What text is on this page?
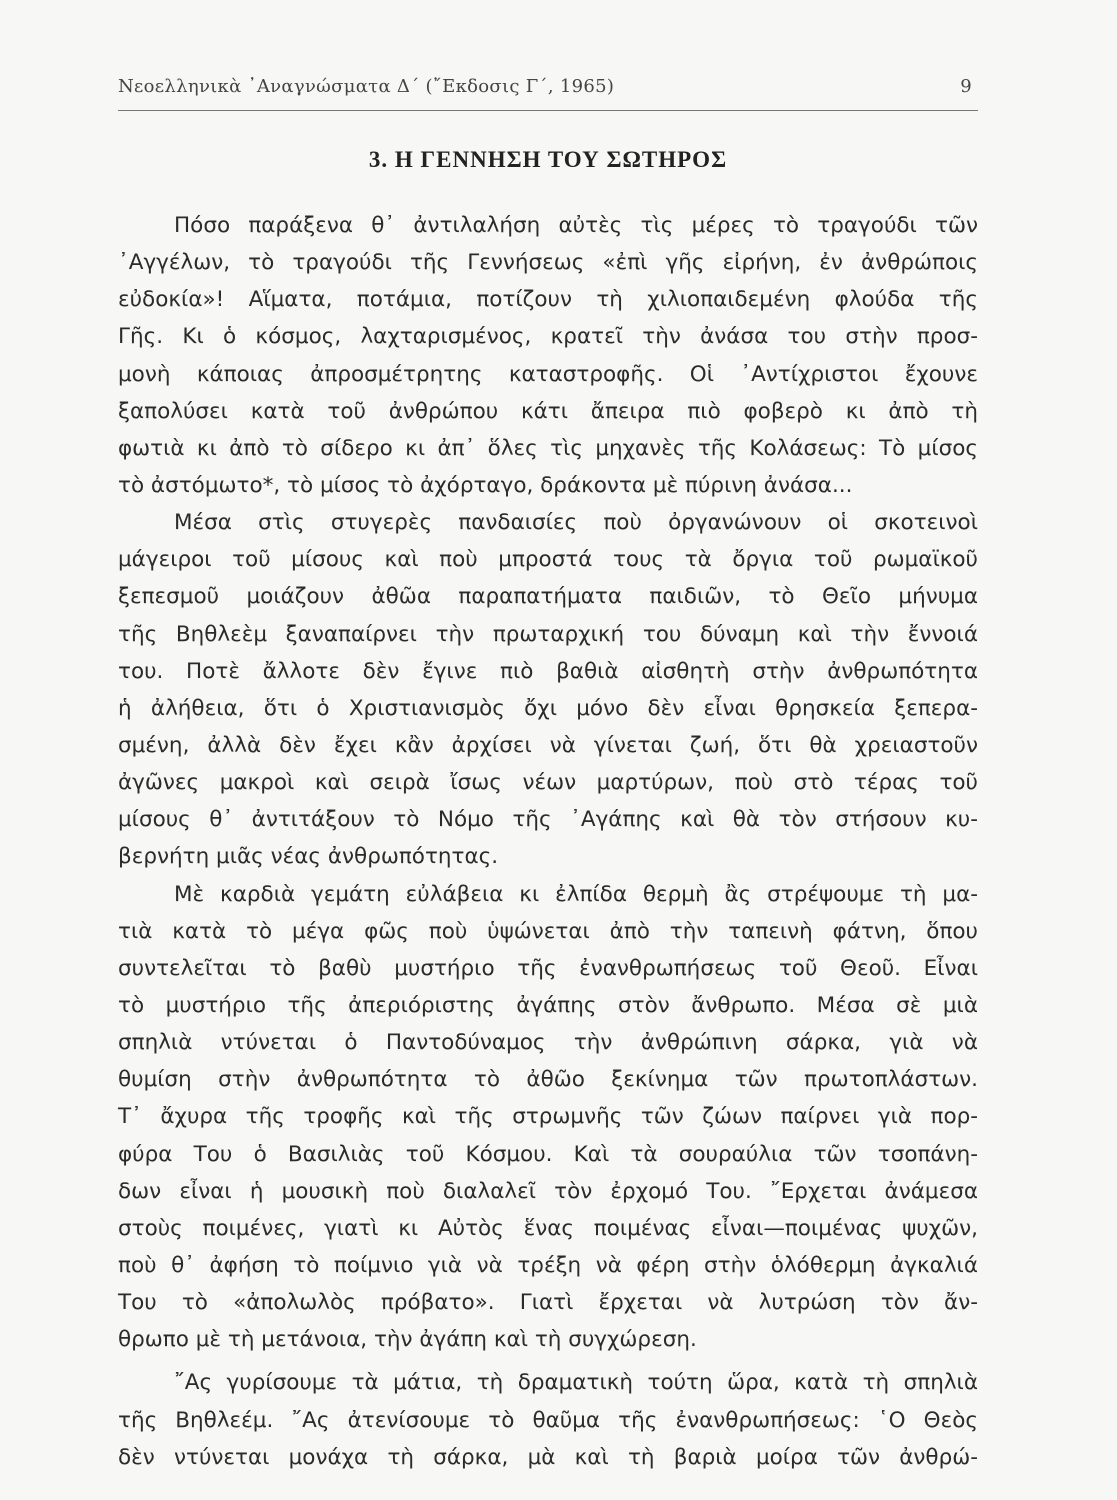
Νεοελληνικὰ ᾿Αναγνώσματα Δ΄ (῎Εκδοσις Γ΄, 1965)	9
3. Η ΓΕΝΝΗΣΗ ΤΟΥ ΣΩΤΗΡΟΣ
Πόσο παράξενα θ᾿ ἀντιλαλήση αὐτὲς τὶς μέρες τὸ τραγούδι τῶν
᾿Αγγέλων, τὸ τραγούδι τῆς Γεννήσεως «ἐπὶ γῆς εἰρήνη, ἐν ἀνθρώποις
εὐδοκία»! Αἵματα, ποτάμια, ποτίζουν τὴ χιλιοπαιδεμένη φλούδα τῆς
Γῆς. Κι ὁ κόσμος, λαχταρισμένος, κρατεῖ τὴν ἀνάσα του στὴν προσ-
μονὴ κάποιας ἀπροσμέτρητης καταστροφῆς. Οἱ ᾿Αντίχριστοι ἔχουνε
ξαπολύσει κατὰ τοῦ ἀνθρώπου κάτι ἄπειρα πιὸ φοβερὸ κι ἀπὸ τὴ
φωτιὰ κι ἀπὸ τὸ σίδερο κι ἀπ᾿ ὅλες τὶς μηχανὲς τῆς Κολάσεως: Τὸ μίσος
τὸ ἀστόμωτο*, τὸ μίσος τὸ ἀχόρταγο, δράκοντα μὲ πύρινη ἀνάσα...
Μέσα στὶς στυγερὲς πανδαισίες ποὺ ὀργανώνουν οἱ σκοτεινοὶ
μάγειροι τοῦ μίσους καὶ ποὺ μπροστά τους τὰ ὄργια τοῦ ρωμαϊκοῦ
ξεπεσμοῦ μοιάζουν ἀθῶα παραπατήματα παιδιῶν, τὸ Θεῖο μήνυμα
τῆς Βηθλεὲμ ξαναπαίρνει τὴν πρωταρχική του δύναμη καὶ τὴν ἔννοιά
του. Ποτὲ ἄλλοτε δὲν ἔγινε πιὸ βαθιὰ αἰσθητὴ στὴν ἀνθρωπότητα
ἡ ἀλήθεια, ὅτι ὁ Χριστιανισμὸς ὄχι μόνο δὲν εἶναι θρησκεία ξεπερα-
σμένη, ἀλλὰ δὲν ἔχει κἂν ἀρχίσει νὰ γίνεται ζωή, ὅτι θὰ χρειαστοῦν
ἀγῶνες μακροὶ καὶ σειρὰ ἴσως νέων μαρτύρων, ποὺ στὸ τέρας τοῦ
μίσους θ᾿ ἀντιτάξουν τὸ Νόμο τῆς ᾿Αγάπης καὶ θὰ τὸν στήσουν κυ-
βερνήτη μιᾶς νέας ἀνθρωπότητας.
Μὲ καρδιὰ γεμάτη εὐλάβεια κι ἐλπίδα θερμὴ ἂς στρέψουμε τὴ μα-
τιὰ κατὰ τὸ μέγα φῶς ποὺ ὑψώνεται ἀπὸ τὴν ταπεινὴ φάτνη, ὅπου
συντελεῖται τὸ βαθὺ μυστήριο τῆς ἐνανθρωπήσεως τοῦ Θεοῦ. Εἶναι
τὸ μυστήριο τῆς ἀπεριόριστης ἀγάπης στὸν ἄνθρωπο. Μέσα σὲ μιὰ
σπηλιὰ ντύνεται ὁ Παντοδύναμος τὴν ἀνθρώπινη σάρκα, γιὰ νὰ
θυμίση στὴν ἀνθρωπότητα τὸ ἀθῶο ξεκίνημα τῶν πρωτοπλάστων.
Τ᾿ ἄχυρα τῆς τροφῆς καὶ τῆς στρωμνῆς τῶν ζώων παίρνει γιὰ πορ-
φύρα Του ὁ Βασιλιὰς τοῦ Κόσμου. Καὶ τὰ σουραύλια τῶν τσοπάνη-
δων εἶναι ἡ μουσικὴ ποὺ διαλαλεῖ τὸν ἐρχομό Του. ῎Ερχεται ἀνάμεσα
στοὺς ποιμένες, γιατὶ κι Αὐτὸς ἕνας ποιμένας εἶναι—ποιμένας ψυχῶν,
ποὺ θ᾿ ἀφήση τὸ ποίμνιο γιὰ νὰ τρέξη νὰ φέρη στὴν ὁλόθερμη ἀγκαλιά
Του τὸ «ἀπολωλὸς πρόβατο». Γιατὶ ἔρχεται νὰ λυτρώση τὸν ἄν-
θρωπο μὲ τὴ μετάνοια, τὴν ἀγάπη καὶ τὴ συγχώρεση.
῎Ας γυρίσουμε τὰ μάτια, τὴ δραματικὴ τούτη ὥρα, κατὰ τὴ σπηλιὰ
τῆς Βηθλεέμ. ῎Ας ἀτενίσουμε τὸ θαῦμα τῆς ἐνανθρωπήσεως: ῾Ο Θεὸς
δὲν ντύνεται μονάχα τὴ σάρκα, μὰ καὶ τὴ βαριὰ μοίρα τῶν ἀνθρώ-
